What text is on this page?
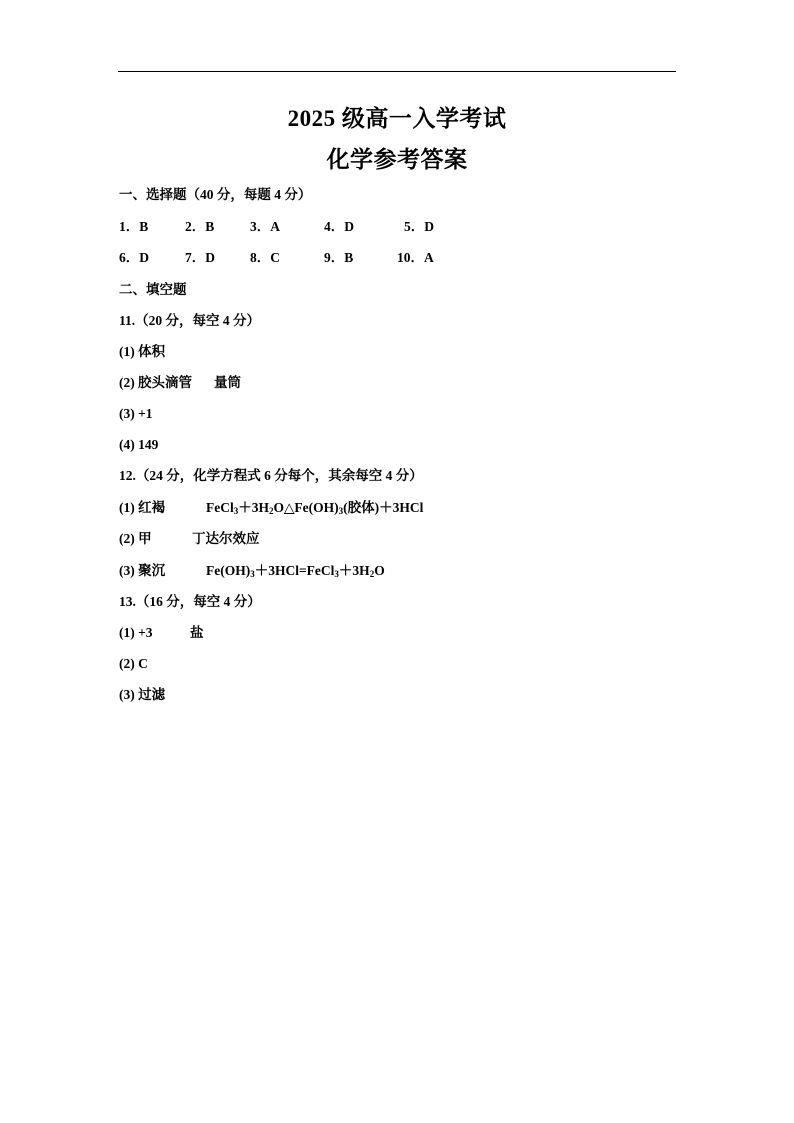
2025 级高一入学考试
化学参考答案
一、选择题（40 分，每题 4 分）
1．B	2．B	3．A	4．D	5．D
6．D	7．D	8．C	9．B	10．A
二、填空题
11.（20 分，每空 4 分）
(1) 体积
(2) 胶头滴管 量筒
(3) +1
(4) 149
12.（24 分，化学方程式 6 分每个，其余每空 4 分）
(1) 红褐	$FeCl_3+3H_2O\triangle Fe(OH)_3$(胶体)＋3HCl
(2) 甲	丁达尔效应
(3) 聚沉	$Fe(OH)_3+3HCl=FeCl_3+3H_2O$
13.（16 分，每空 4 分）
(1) +3	盐
(2) C
(3) 过滤
